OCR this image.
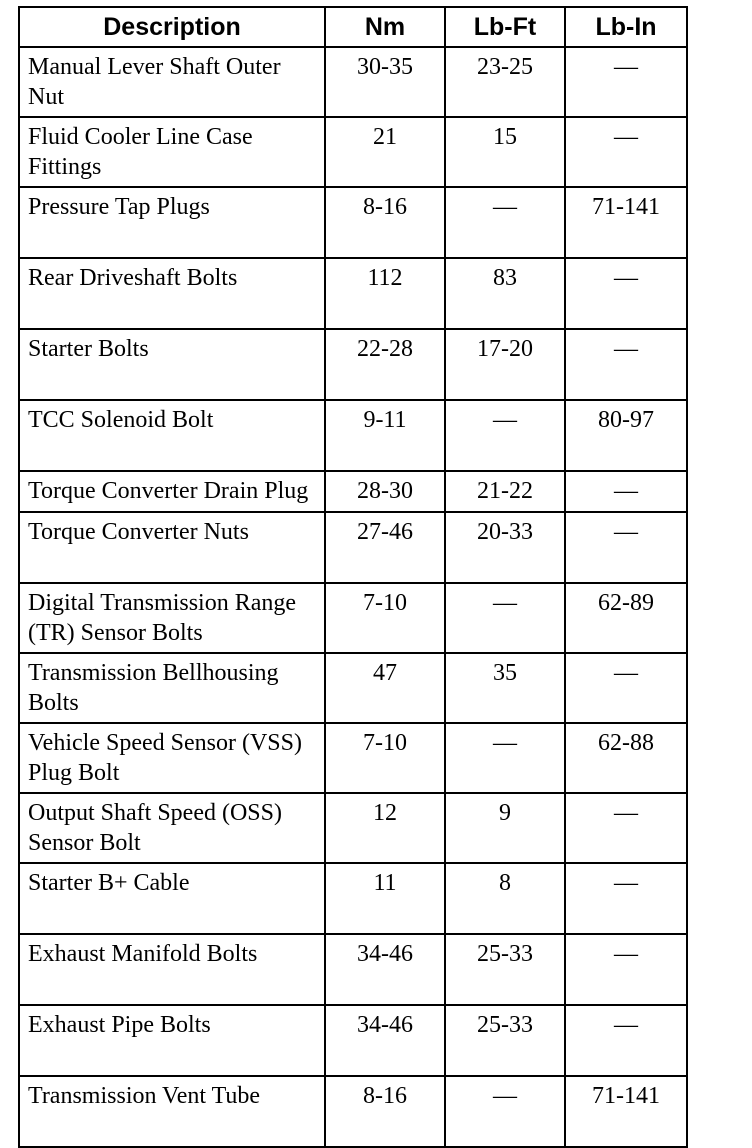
Description	Nm	Lb-Ft	Lb-In
Manual Lever Shaft Outer Nut	30-35	23-25	—
Fluid Cooler Line Case Fittings	21	15	—
Pressure Tap Plugs	8-16	—	71-141
Rear Driveshaft Bolts	112	83	—
Starter Bolts	22-28	17-20	—
TCC Solenoid Bolt	9-11	—	80-97
Torque Converter Drain Plug	28-30	21-22	—
Torque Converter Nuts	27-46	20-33	—
Digital Transmission Range (TR) Sensor Bolts	7-10	—	62-89
Transmission Bellhousing Bolts	47	35	—
Vehicle Speed Sensor (VSS) Plug Bolt	7-10	—	62-88
Output Shaft Speed (OSS) Sensor Bolt	12	9	—
Starter B+ Cable	11	8	—
Exhaust Manifold Bolts	34-46	25-33	—
Exhaust Pipe Bolts	34-46	25-33	—
Transmission Vent Tube	8-16	—	71-141
